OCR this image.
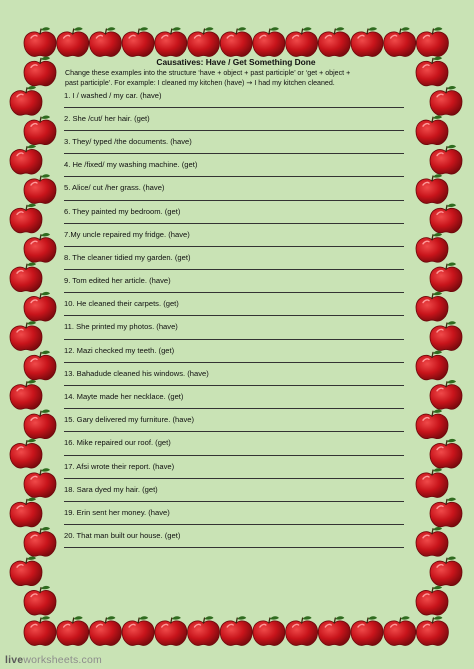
Causatives: Have / Get Something Done
Change these examples into the structure ‘have + object + past participle’ or ‘get + object +
past participle’. For example: I cleaned my kitchen (have) → I had my kitchen cleaned.
1. I / washed / my car. (have)
2. She /cut/ her hair. (get)
3. They/ typed /the documents. (have)
4. He /fixed/ my washing machine. (get)
5. Alice/ cut /her grass. (have)
6. They painted my bedroom. (get)
7.My uncle repaired my fridge. (have)
8. The cleaner tidied my garden. (get)
9. Tom edited her article. (have)
10. He cleaned their carpets. (get)
11. She printed my photos. (have)
12. Mazi checked my teeth. (get)
13. Bahadude cleaned his windows. (have)
14. Mayte made her necklace. (get)
15. Gary delivered my furniture. (have)
16. Mike repaired our roof. (get)
17. Afsi wrote their report. (have)
18. Sara dyed my hair. (get)
19. Erin sent her money. (have)
20. That man built our house. (get)
liveworksheets.com
